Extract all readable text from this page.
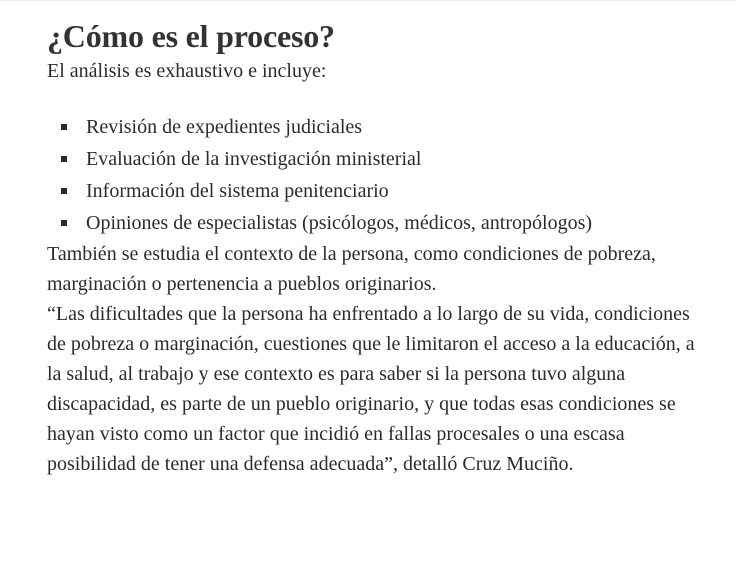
¿Cómo es el proceso?

El análisis es exhaustivo e incluye:

Revisión de expedientes judiciales
Evaluación de la investigación ministerial
Información del sistema penitenciario
Opiniones de especialistas (psicólogos, médicos, antropólogos)

También se estudia el contexto de la persona, como condiciones de pobreza, marginación o pertenencia a pueblos originarios.

“Las dificultades que la persona ha enfrentado a lo largo de su vida, condiciones de pobreza o marginación, cuestiones que le limitaron el acceso a la educación, a la salud, al trabajo y ese contexto es para saber si la persona tuvo alguna discapacidad, es parte de un pueblo originario, y que todas esas condiciones se hayan visto como un factor que incidió en fallas procesales o una escasa posibilidad de tener una defensa adecuada”, detalló Cruz Muciño.
